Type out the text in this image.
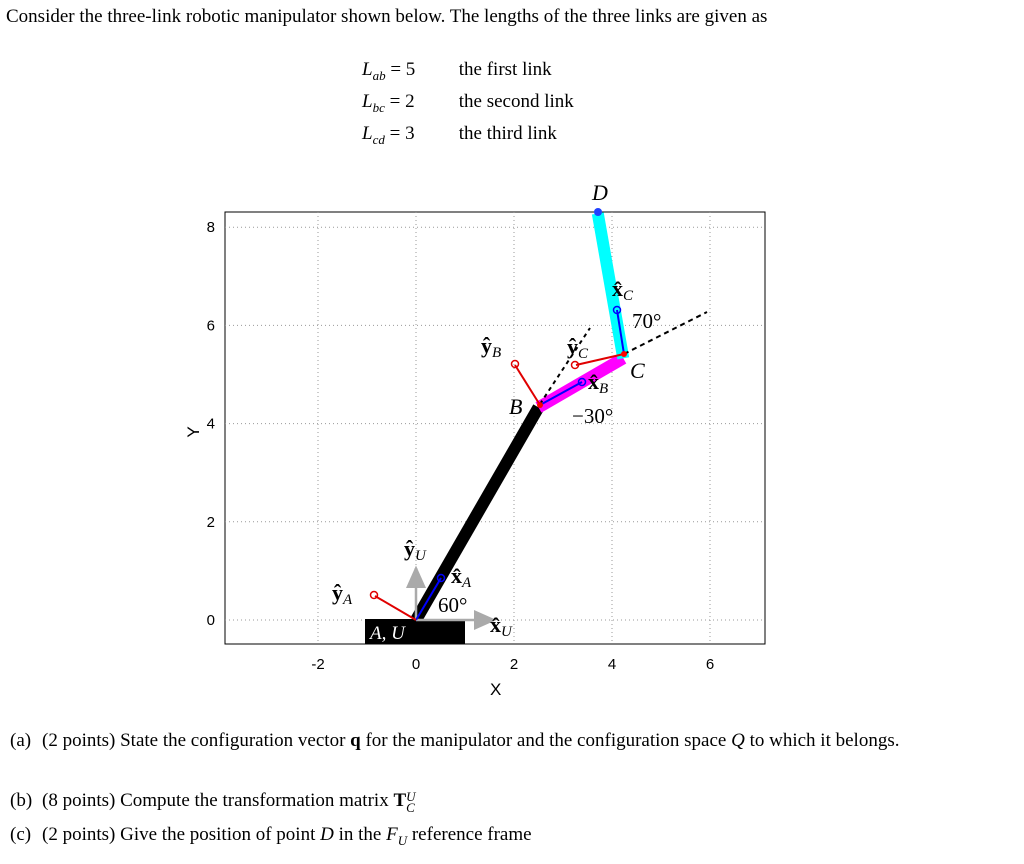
Consider the three-link robotic manipulator shown below. The lengths of the three links are given as
$L_{ab} = 5$ the first link
$L_{bc} = 2$ the second link
$L_{cd} = 3$ the third link
-2	0	2	4	6
0
2
4
6
8
A, U
D
B
C
ŷU
x̂U
x̂A
ŷA
x̂B
ŷB
x̂C
ŷC
60°
−30°
70°
X
Y
(a) (2 points) State the configuration vector q for the manipulator and the configuration space Q to which it belongs.
(b) (8 points) Compute the transformation matrix TU
C
(c) (2 points) Give the position of point D in the $F_U$ reference frame
